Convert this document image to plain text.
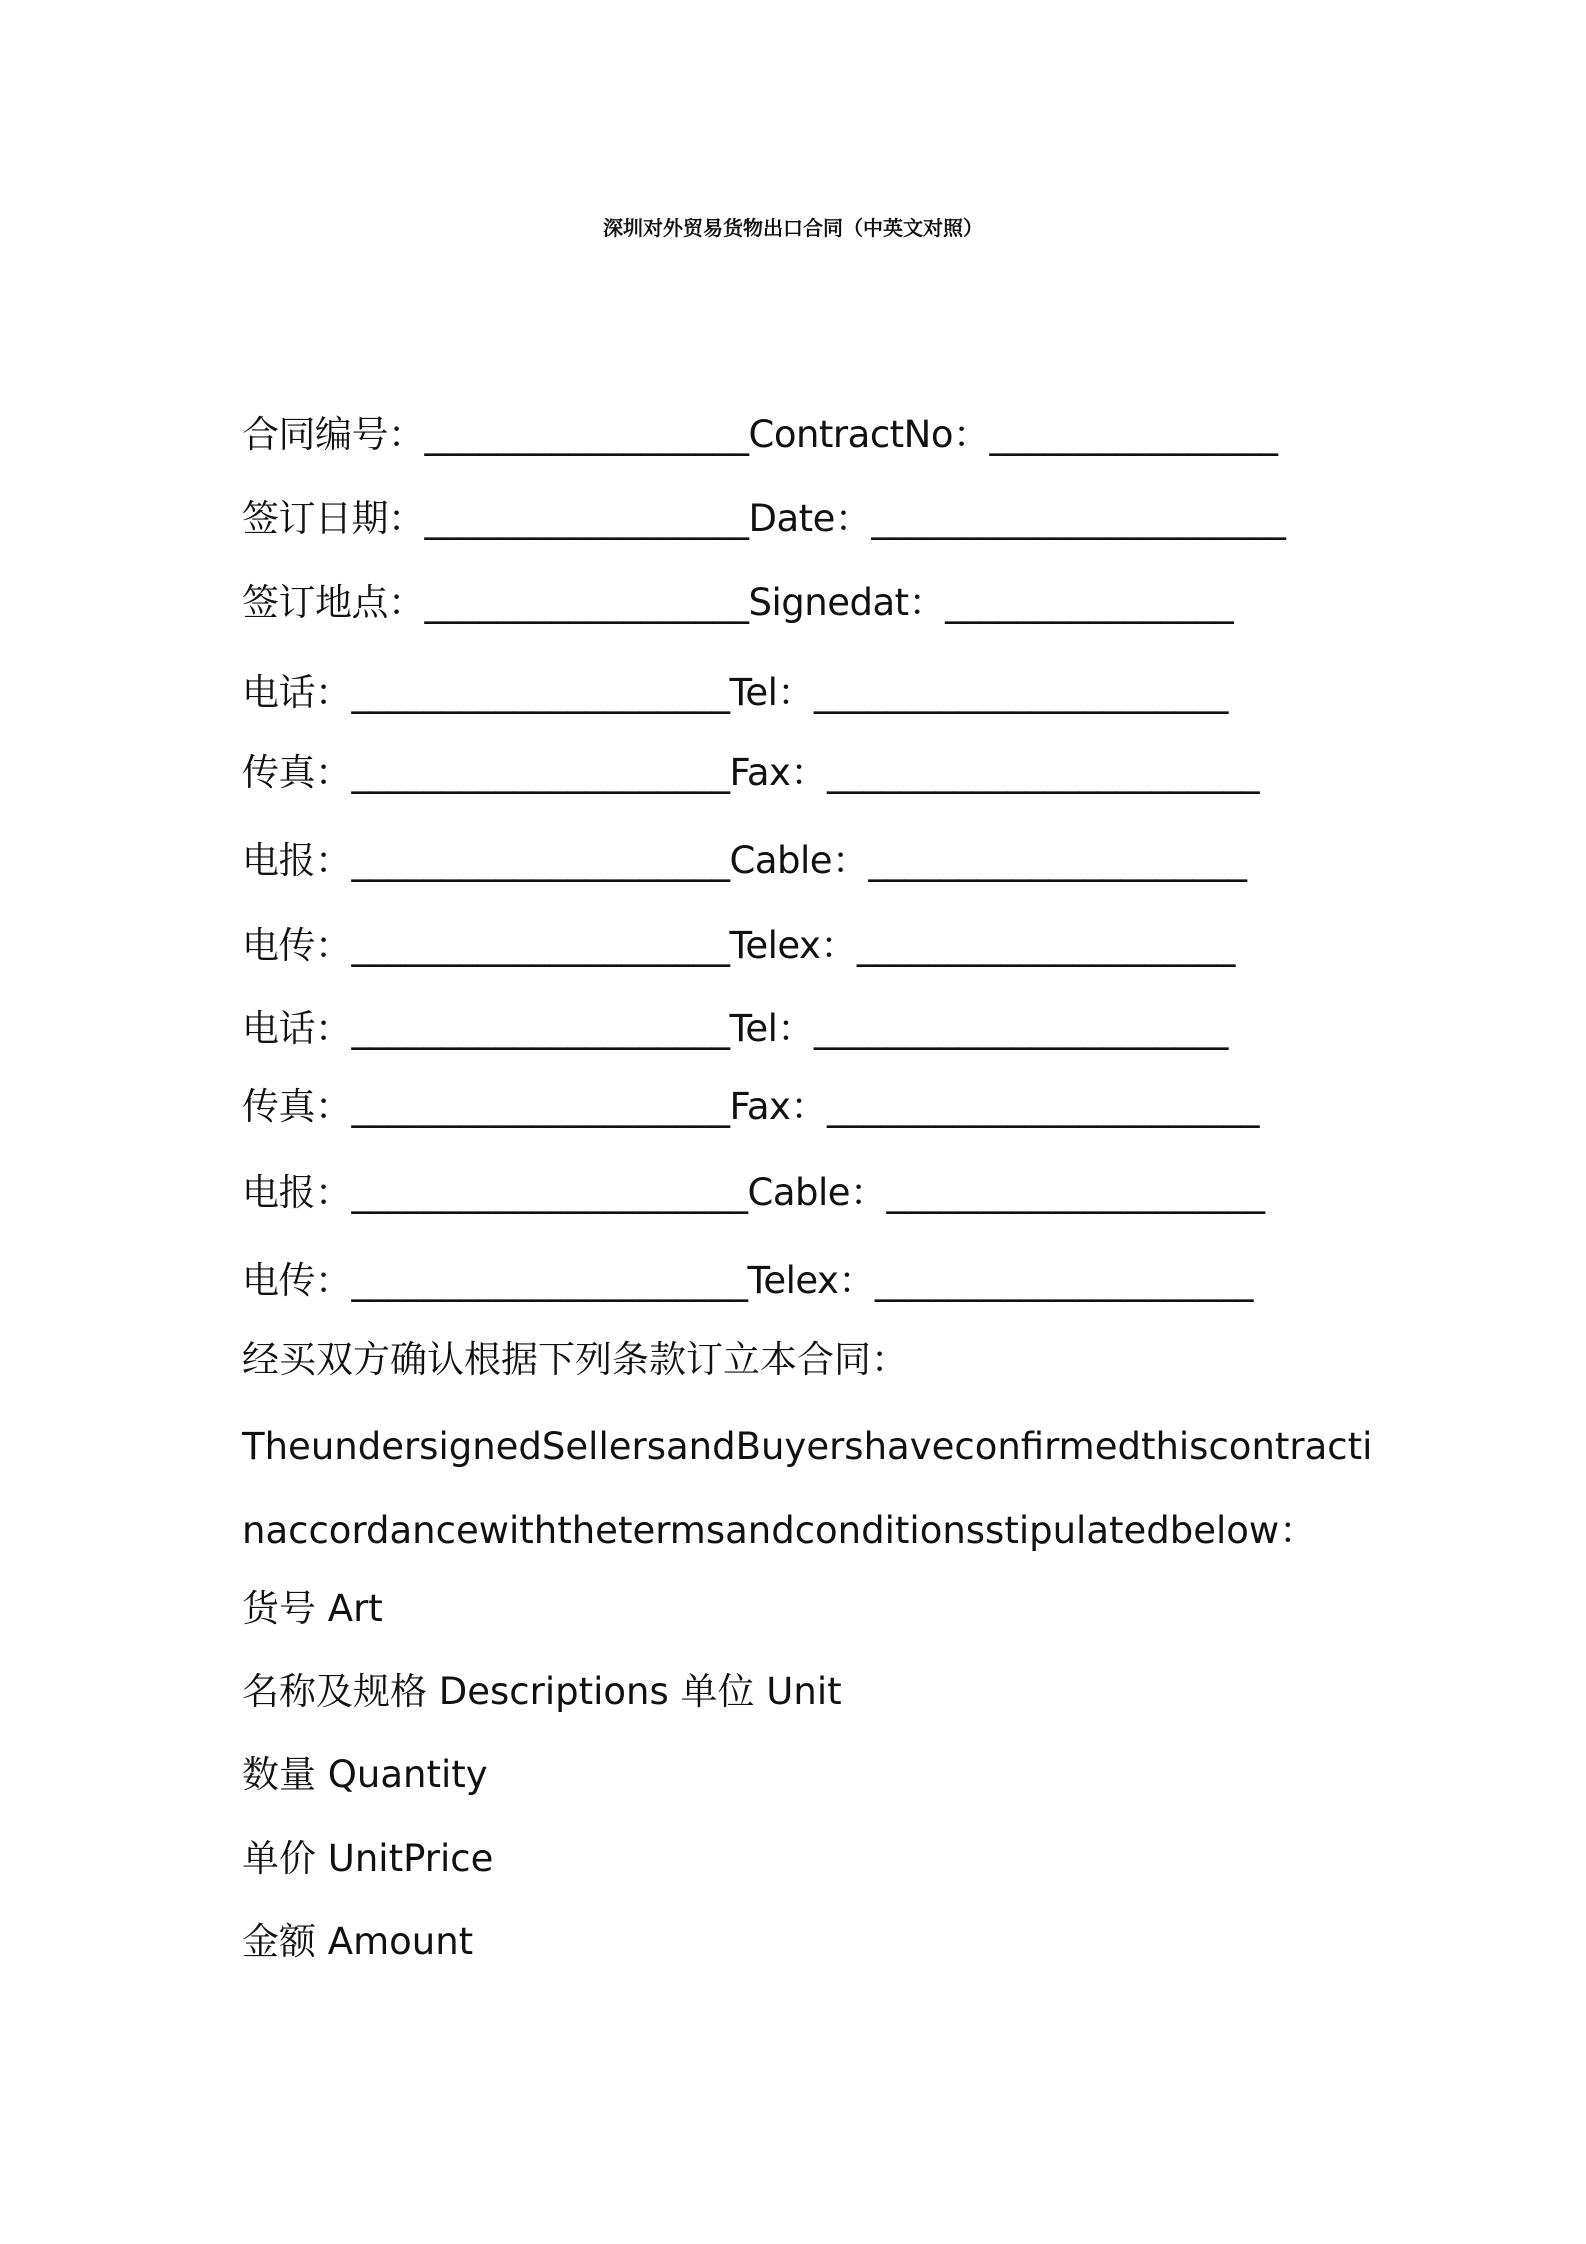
深圳对外贸易货物出口合同（中英文对照）
合同编号：__________________ContractNo：________________
签订日期：__________________Date：_______________________
签订地点：__________________Signedat：________________
电话：_____________________Tel：_______________________
传真：_____________________Fax：________________________
电报：_____________________Cable：_____________________
电传：_____________________Telex：_____________________
电话：_____________________Tel：_______________________
传真：_____________________Fax：________________________
电报：______________________Cable：_____________________
电传：______________________Telex：_____________________
经买双方确认根据下列条款订立本合同：
TheundersignedSellersandBuyershaveconfirmedthiscontracti
naccordancewiththetermsandconditionsstipulatedbelow：
货号 Art
名称及规格 Descriptions 单位 Unit
数量 Quantity
单价 UnitPrice
金额 Amount
